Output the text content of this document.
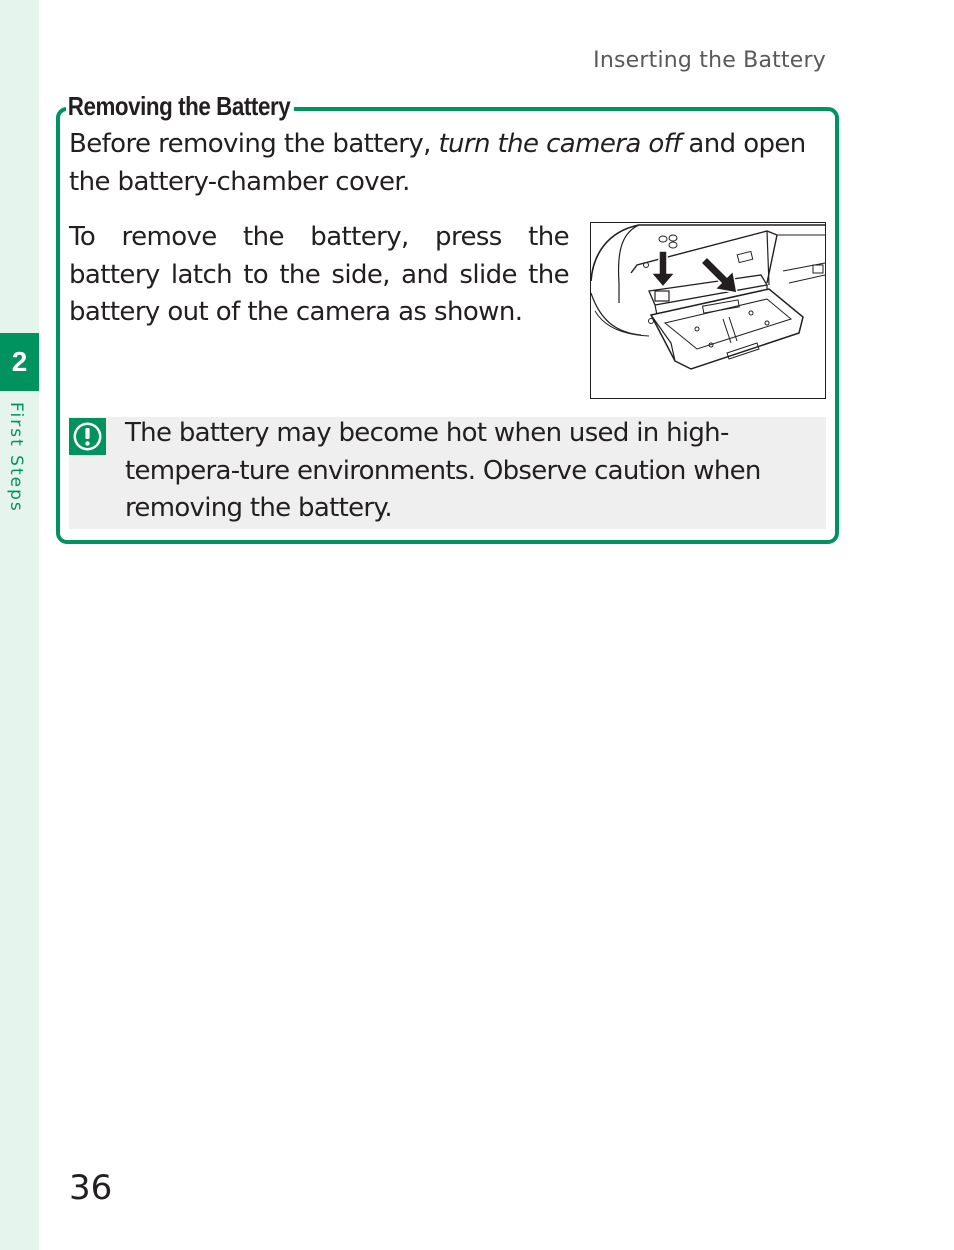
2
First Steps
Inserting the Battery
Removing the Battery

Before removing the battery, turn the camera off and open the battery-chamber cover.

To remove the battery, press the battery latch to the side, and slide the battery out of the camera as shown.

The battery may become hot when used in high-tempera-ture environments. Observe caution when removing the battery.

36
